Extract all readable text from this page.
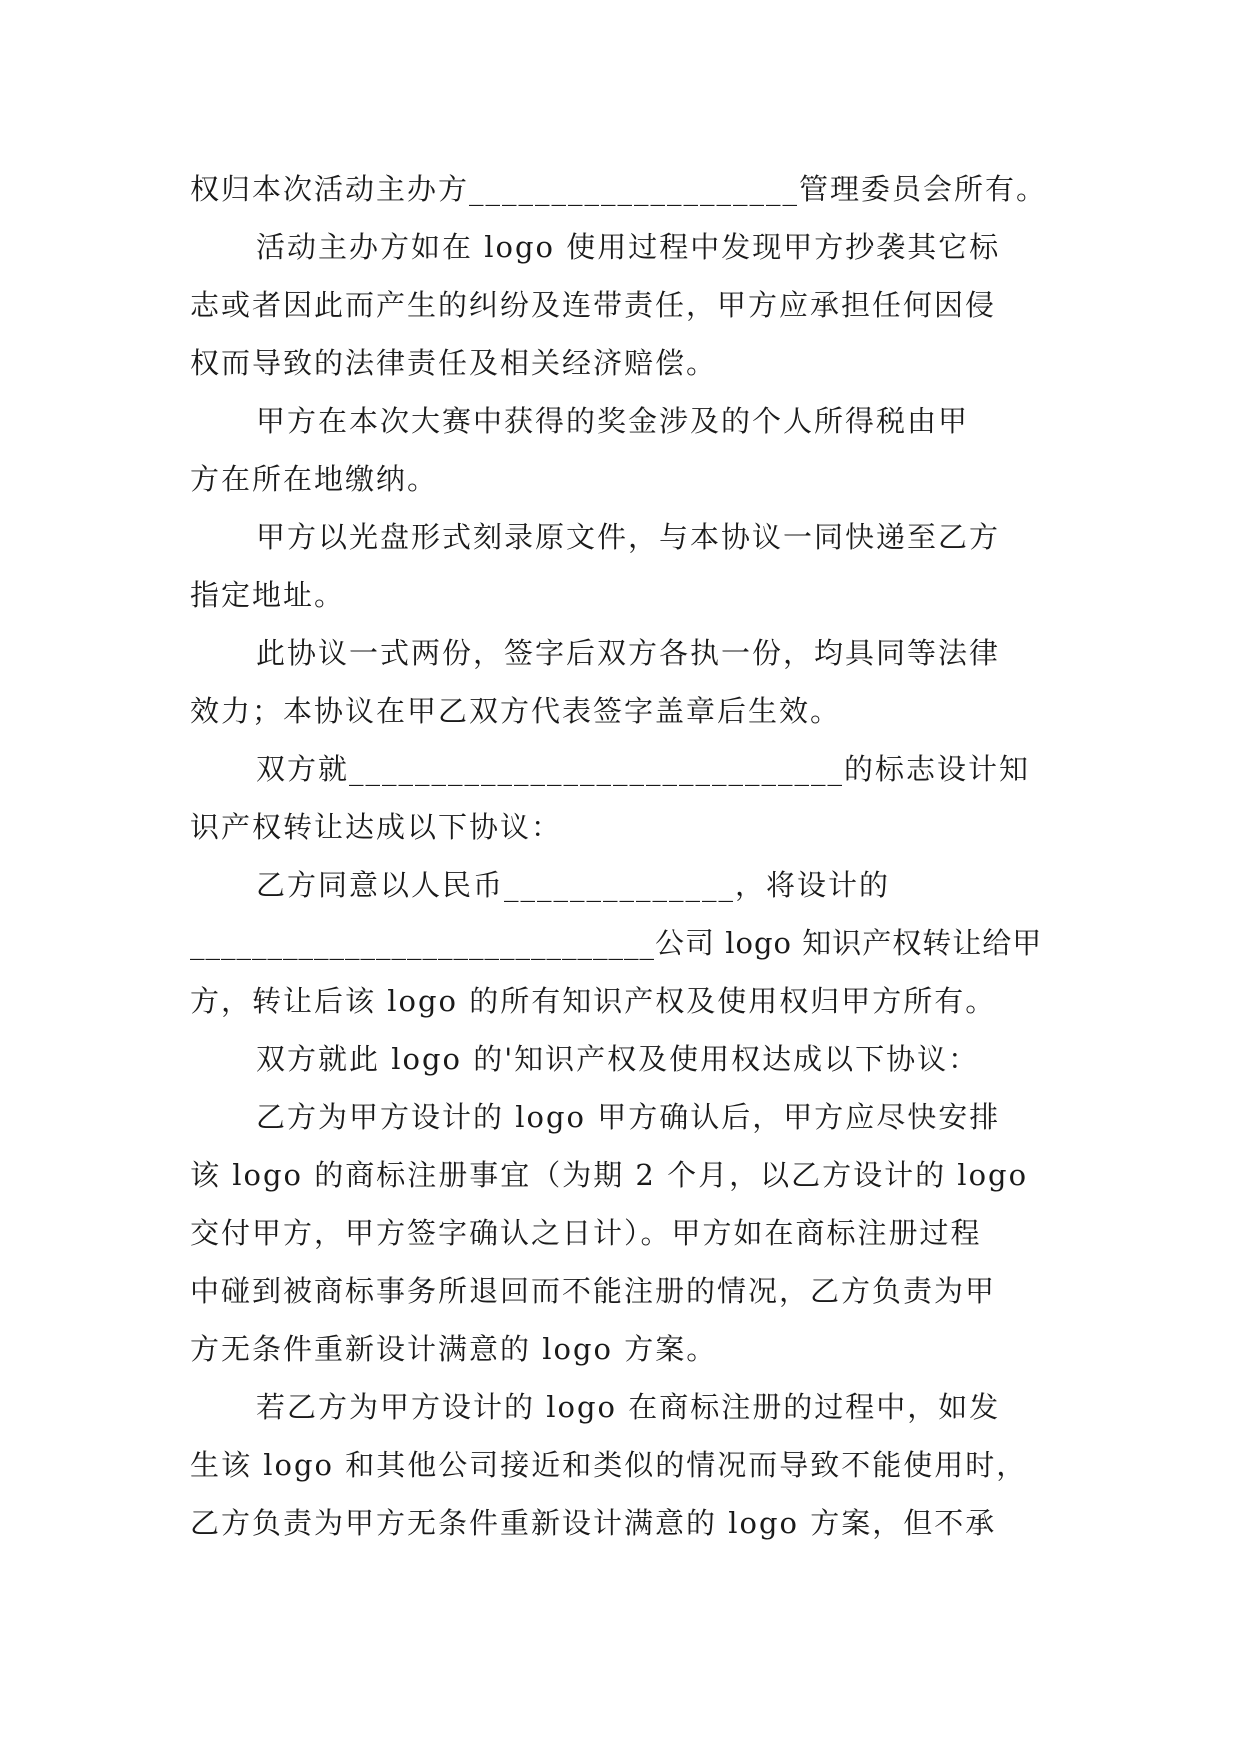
权归本次活动主办方____________________管理委员会所有。
活动主办方如在 logo 使用过程中发现甲方抄袭其它标
志或者因此而产生的纠纷及连带责任，甲方应承担任何因侵
权而导致的法律责任及相关经济赔偿。
甲方在本次大赛中获得的奖金涉及的个人所得税由甲
方在所在地缴纳。
甲方以光盘形式刻录原文件，与本协议一同快递至乙方
指定地址。
此协议一式两份，签字后双方各执一份，均具同等法律
效力；本协议在甲乙双方代表签字盖章后生效。
双方就______________________________的标志设计知
识产权转让达成以下协议：
乙方同意以人民币______________，将设计的
______________________________公司 logo 知识产权转让给甲
方，转让后该 logo 的所有知识产权及使用权归甲方所有。
双方就此 logo 的'知识产权及使用权达成以下协议：
乙方为甲方设计的 logo 甲方确认后，甲方应尽快安排
该 logo 的商标注册事宜（为期 2 个月，以乙方设计的 logo
交付甲方，甲方签字确认之日计）。甲方如在商标注册过程
中碰到被商标事务所退回而不能注册的情况，乙方负责为甲
方无条件重新设计满意的 logo 方案。
若乙方为甲方设计的 logo 在商标注册的过程中，如发
生该 logo 和其他公司接近和类似的情况而导致不能使用时，
乙方负责为甲方无条件重新设计满意的 logo 方案，但不承
